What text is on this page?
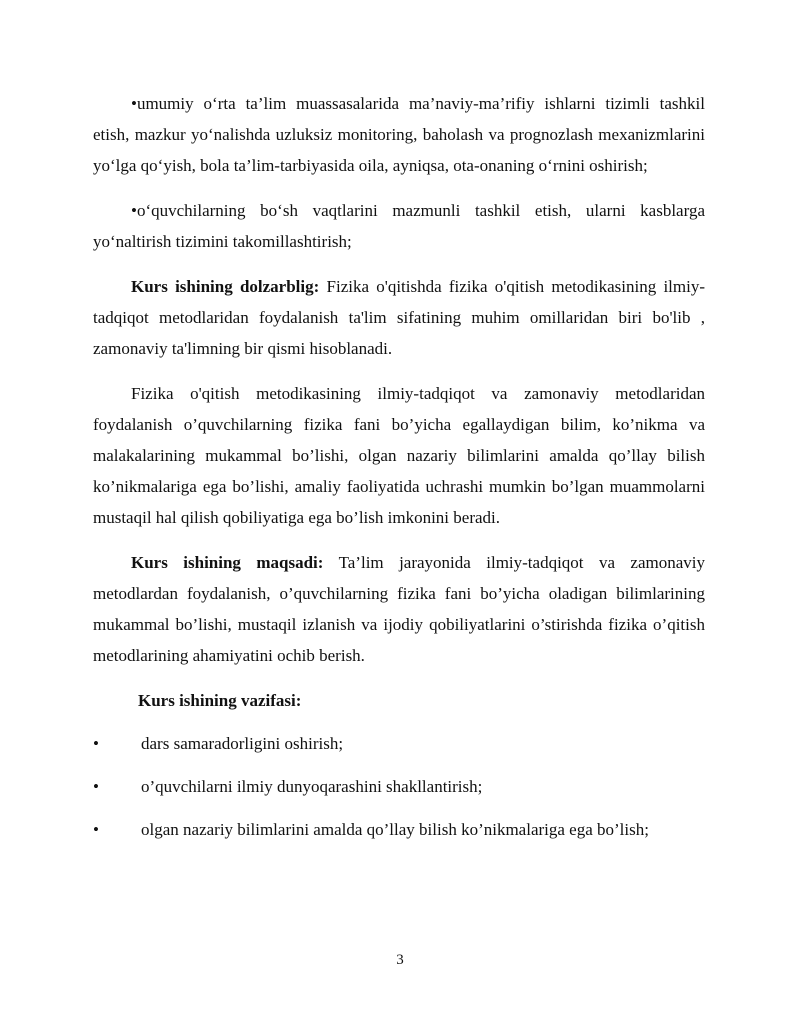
•umumiy o‘rta ta’lim muassasalarida ma’naviy-ma’rifiy ishlarni tizimli tashkil etish, mazkur yo‘nalishda uzluksiz monitoring, baholash va prognozlash mexanizmlarini yo‘lga qo‘yish, bola ta’lim-tarbiyasida oila, ayniqsa, ota-onaning o‘rnini oshirish;

•o‘quvchilarning bo‘sh vaqtlarini mazmunli tashkil etish, ularni kasblarga yo‘naltirish tizimini takomillashtirish;

Kurs ishining dolzarblig: Fizika o'qitishda fizika o'qitish metodikasining ilmiy-tadqiqot metodlaridan foydalanish ta'lim sifatining muhim omillaridan biri bo'lib , zamonaviy ta'limning bir qismi hisoblanadi.

Fizika o'qitish metodikasining ilmiy-tadqiqot va zamonaviy metodlaridan foydalanish o’quvchilarning fizika fani bo’yicha egallaydigan bilim, ko’nikma va malakalarining mukammal bo’lishi, olgan nazariy bilimlarini amalda qo’llay bilish ko’nikmalariga ega bo’lishi, amaliy faoliyatida uchrashi mumkin bo’lgan muammolarni mustaqil hal qilish qobiliyatiga ega bo’lish imkonini beradi.

Kurs ishining maqsadi: Ta’lim jarayonida ilmiy-tadqiqot va zamonaviy metodlardan foydalanish, o’quvchilarning fizika fani bo’yicha oladigan bilimlarining mukammal bo’lishi, mustaqil izlanish va ijodiy qobiliyatlarini o’stirishda fizika o’qitish metodlarining ahamiyatini ochib berish.

Kurs ishining vazifasi:
•	dars samaradorligini oshirish;
•	o’quvchilarni ilmiy dunyoqarashini shakllantirish;
•	olgan nazariy bilimlarini amalda qo’llay bilish ko’nikmalariga ega bo’lish;
3
